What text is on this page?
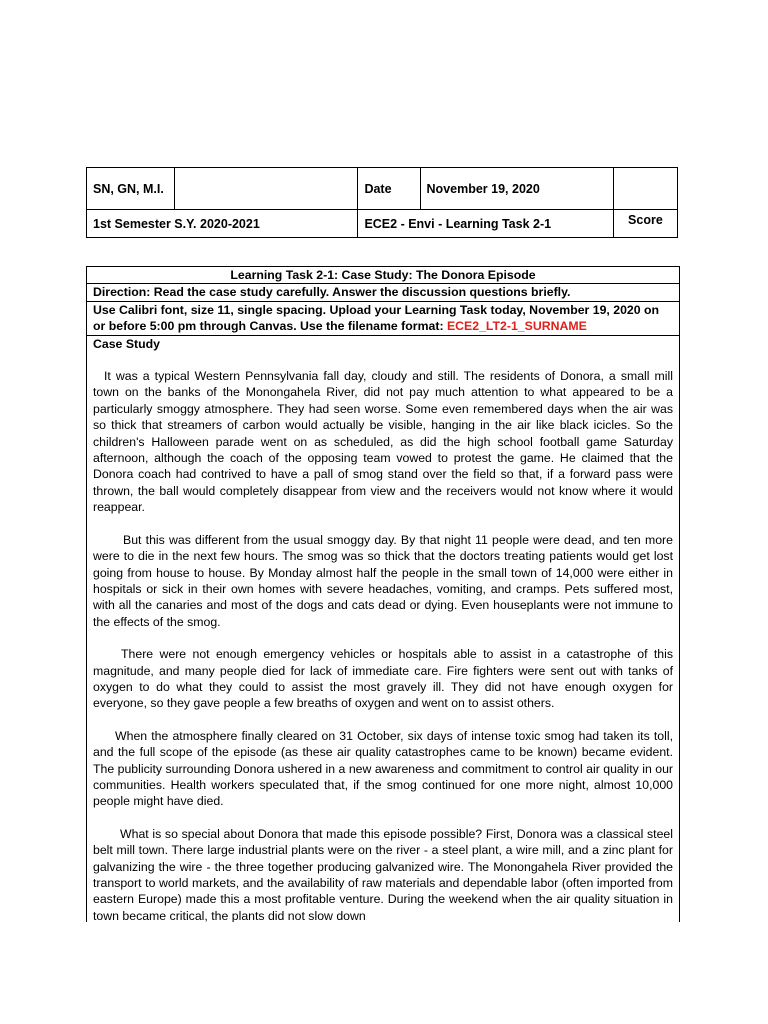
SN, GN, M.I.		Date	November 19, 2020	
1st Semester S.Y. 2020-2021		ECE2 - Envi - Learning Task 2-1		Score
Learning Task 2-1: Case Study: The Donora Episode
Direction: Read the case study carefully. Answer the discussion questions briefly.
Use Calibri font, size 11, single spacing. Upload your Learning Task today, November 19, 2020 on or before 5:00 pm through Canvas. Use the filename format: ECE2_LT2-1_SURNAME

Case Study

It was a typical Western Pennsylvania fall day, cloudy and still. The residents of Donora, a small mill town on the banks of the Monongahela River, did not pay much attention to what appeared to be a particularly smoggy atmosphere. They had seen worse. Some even remembered days when the air was so thick that streamers of carbon would actually be visible, hanging in the air like black icicles. So the children's Halloween parade went on as scheduled, as did the high school football game Saturday afternoon, although the coach of the opposing team vowed to protest the game. He claimed that the Donora coach had contrived to have a pall of smog stand over the field so that, if a forward pass were thrown, the ball would completely disappear from view and the receivers would not know where it would reappear.

But this was different from the usual smoggy day. By that night 11 people were dead, and ten more were to die in the next few hours. The smog was so thick that the doctors treating patients would get lost going from house to house. By Monday almost half the people in the small town of 14,000 were either in hospitals or sick in their own homes with severe headaches, vomiting, and cramps. Pets suffered most, with all the canaries and most of the dogs and cats dead or dying. Even houseplants were not immune to the effects of the smog.

There were not enough emergency vehicles or hospitals able to assist in a catastrophe of this magnitude, and many people died for lack of immediate care. Fire fighters were sent out with tanks of oxygen to do what they could to assist the most gravely ill. They did not have enough oxygen for everyone, so they gave people a few breaths of oxygen and went on to assist others.

When the atmosphere finally cleared on 31 October, six days of intense toxic smog had taken its toll, and the full scope of the episode (as these air quality catastrophes came to be known) became evident. The publicity surrounding Donora ushered in a new awareness and commitment to control air quality in our communities. Health workers speculated that, if the smog continued for one more night, almost 10,000 people might have died.

What is so special about Donora that made this episode possible? First, Donora was a classical steel belt mill town. There large industrial plants were on the river - a steel plant, a wire mill, and a zinc plant for galvanizing the wire - the three together producing galvanized wire. The Monongahela River provided the transport to world markets, and the availability of raw materials and dependable labor (often imported from eastern Europe) made this a most profitable venture. During the weekend when the air quality situation in town became critical, the plants did not slow down
